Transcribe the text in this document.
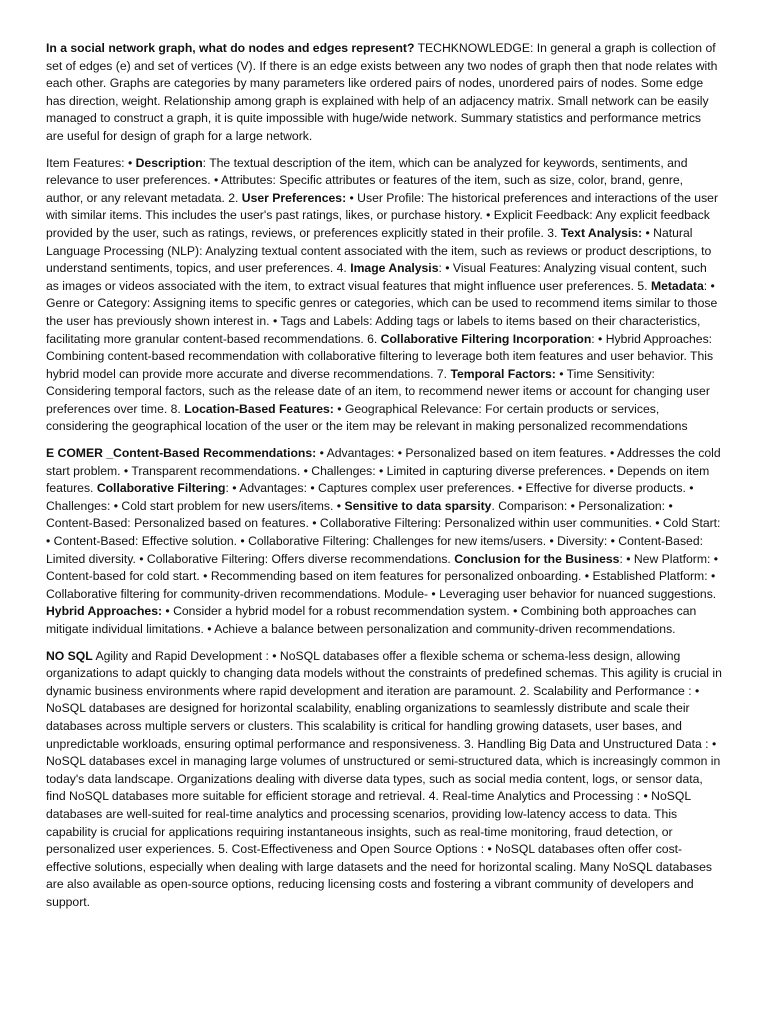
In a social network graph, what do nodes and edges represent? TECHKNOWLEDGE: In general a graph is collection of set of edges (e) and set of vertices (V). If there is an edge exists between any two nodes of graph then that node relates with each other. Graphs are categories by many parameters like ordered pairs of nodes, unordered pairs of nodes. Some edge has direction, weight. Relationship among graph is explained with help of an adjacency matrix. Small network can be easily managed to construct a graph, it is quite impossible with huge/wide network. Summary statistics and performance metrics are useful for design of graph for a large network.

Item Features: • Description: The textual description of the item, which can be analyzed for keywords, sentiments, and relevance to user preferences. • Attributes: Specific attributes or features of the item, such as size, color, brand, genre, author, or any relevant metadata. 2. User Preferences: • User Profile: The historical preferences and interactions of the user with similar items. This includes the user's past ratings, likes, or purchase history. • Explicit Feedback: Any explicit feedback provided by the user, such as ratings, reviews, or preferences explicitly stated in their profile. 3. Text Analysis: • Natural Language Processing (NLP): Analyzing textual content associated with the item, such as reviews or product descriptions, to understand sentiments, topics, and user preferences. 4. Image Analysis: • Visual Features: Analyzing visual content, such as images or videos associated with the item, to extract visual features that might influence user preferences. 5. Metadata: • Genre or Category: Assigning items to specific genres or categories, which can be used to recommend items similar to those the user has previously shown interest in. • Tags and Labels: Adding tags or labels to items based on their characteristics, facilitating more granular content-based recommendations. 6. Collaborative Filtering Incorporation: • Hybrid Approaches: Combining content-based recommendation with collaborative filtering to leverage both item features and user behavior. This hybrid model can provide more accurate and diverse recommendations. 7. Temporal Factors: • Time Sensitivity: Considering temporal factors, such as the release date of an item, to recommend newer items or account for changing user preferences over time. 8. Location-Based Features: • Geographical Relevance: For certain products or services, considering the geographical location of the user or the item may be relevant in making personalized recommendations

E COMER _Content-Based Recommendations: • Advantages: • Personalized based on item features. • Addresses the cold start problem. • Transparent recommendations. • Challenges: • Limited in capturing diverse preferences. • Depends on item features. Collaborative Filtering: • Advantages: • Captures complex user preferences. • Effective for diverse products. • Challenges: • Cold start problem for new users/items. • Sensitive to data sparsity. Comparison: • Personalization: • Content-Based: Personalized based on features. • Collaborative Filtering: Personalized within user communities. • Cold Start: • Content-Based: Effective solution. • Collaborative Filtering: Challenges for new items/users. • Diversity: • Content-Based: Limited diversity. • Collaborative Filtering: Offers diverse recommendations. Conclusion for the Business: • New Platform: • Content-based for cold start. • Recommending based on item features for personalized onboarding. • Established Platform: • Collaborative filtering for community-driven recommendations. Module- • Leveraging user behavior for nuanced suggestions. Hybrid Approaches: • Consider a hybrid model for a robust recommendation system. • Combining both approaches can mitigate individual limitations. • Achieve a balance between personalization and community-driven recommendations.

NO SQL Agility and Rapid Development : • NoSQL databases offer a flexible schema or schema-less design, allowing organizations to adapt quickly to changing data models without the constraints of predefined schemas. This agility is crucial in dynamic business environments where rapid development and iteration are paramount. 2. Scalability and Performance : • NoSQL databases are designed for horizontal scalability, enabling organizations to seamlessly distribute and scale their databases across multiple servers or clusters. This scalability is critical for handling growing datasets, user bases, and unpredictable workloads, ensuring optimal performance and responsiveness. 3. Handling Big Data and Unstructured Data : • NoSQL databases excel in managing large volumes of unstructured or semi-structured data, which is increasingly common in today's data landscape. Organizations dealing with diverse data types, such as social media content, logs, or sensor data, find NoSQL databases more suitable for efficient storage and retrieval. 4. Real-time Analytics and Processing : • NoSQL databases are well-suited for real-time analytics and processing scenarios, providing low-latency access to data. This capability is crucial for applications requiring instantaneous insights, such as real-time monitoring, fraud detection, or personalized user experiences. 5. Cost-Effectiveness and Open Source Options : • NoSQL databases often offer cost-effective solutions, especially when dealing with large datasets and the need for horizontal scaling. Many NoSQL databases are also available as open-source options, reducing licensing costs and fostering a vibrant community of developers and support.
